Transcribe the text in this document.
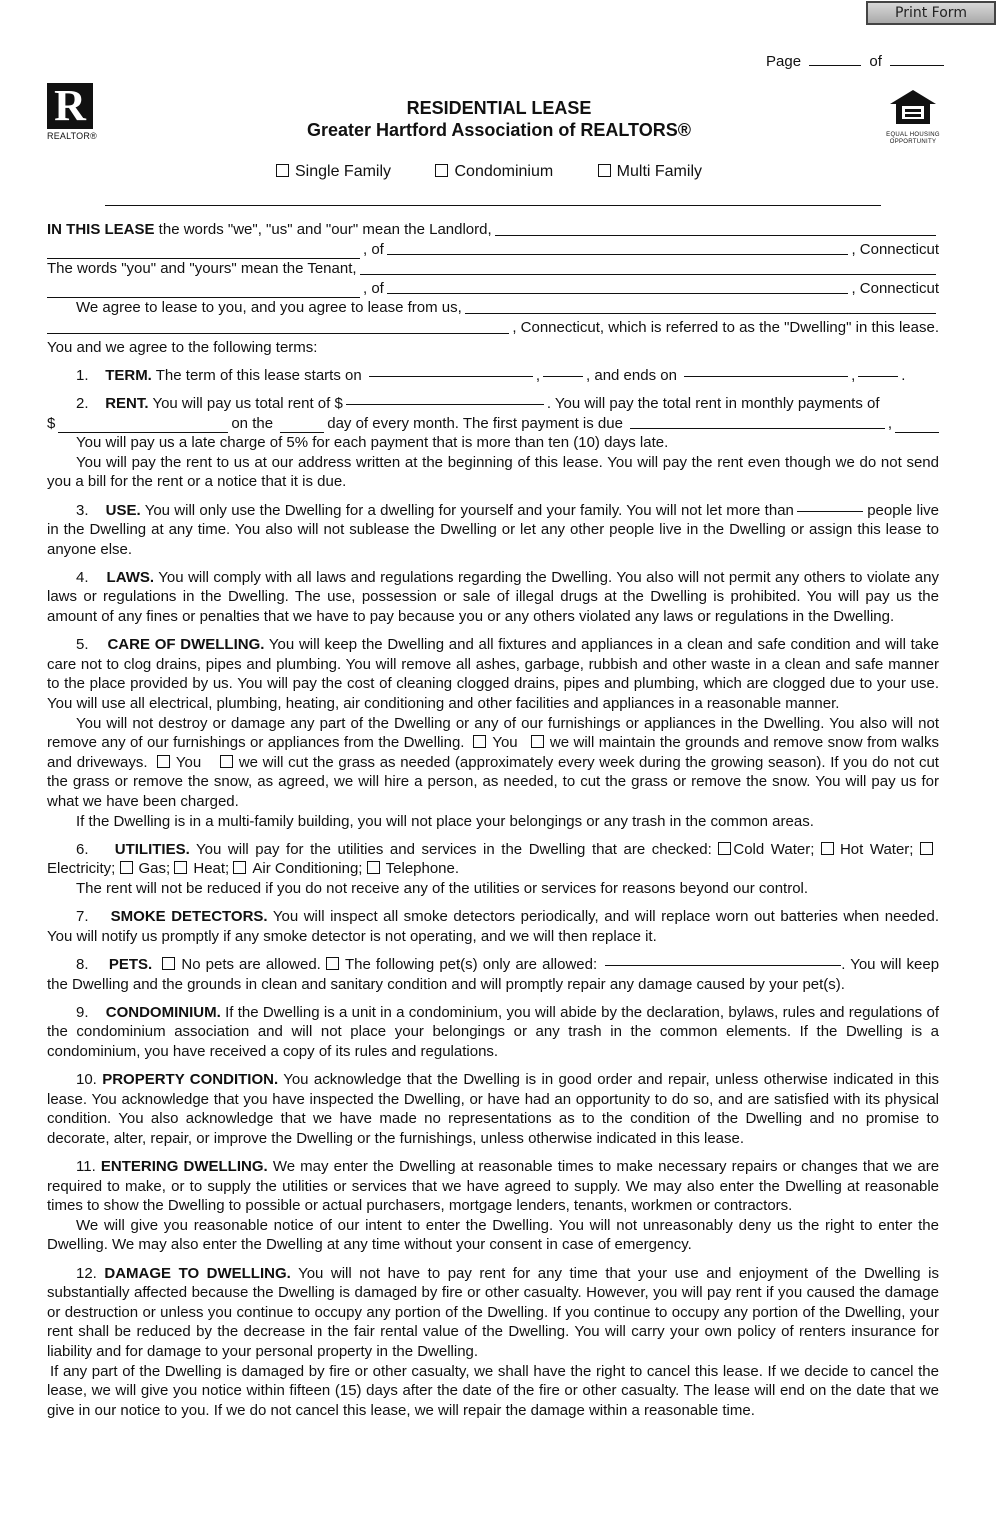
Print Form
Page	of
R
REALTOR®	EQUAL HOUSING OPPORTUNITY
RESIDENTIAL LEASE
Greater Hartford Association of REALTORS®
Single Family	Condominium	Multi Family
IN THIS LEASE the words "we", "us" and "our" mean the Landlord,
, of	, Connecticut
The words "you" and "yours" mean the Tenant,
, of	, Connecticut
We agree to lease to you, and you agree to lease from us,
, Connecticut, which is referred to as the "Dwelling" in this lease.

You and we agree to the following terms:

1. TERM. The term of this lease starts on	,	, and ends on	,	.

2. RENT. You will pay us total rent of $	. You will pay the total rent in monthly payments of

$	on the
	day of every month. The first payment is due
	,

You will pay us a late charge of 5% for each payment that is more than ten (10) days late.

You will pay the rent to us at our address written at the beginning of this lease. You will pay the rent even though we do not send you a bill for the rent or a notice that it is due.

3. USE. You will only use the Dwelling for a dwelling for yourself and your family. You will not let more than	people live in the Dwelling at any time. You also will not sublease the Dwelling or let any other people live in the Dwelling or assign this lease to anyone else.

4. LAWS. You will comply with all laws and regulations regarding the Dwelling. You also will not permit any others to violate any laws or regulations in the Dwelling. The use, possession or sale of illegal drugs at the Dwelling is prohibited. You will pay us the amount of any fines or penalties that we have to pay because you or any others violated any laws or regulations in the Dwelling.

5. CARE OF DWELLING. You will keep the Dwelling and all fixtures and appliances in a clean and safe condition and will take care not to clog drains, pipes and plumbing. You will remove all ashes, garbage, rubbish and other waste in a clean and safe manner to the place provided by us. You will pay the cost of cleaning clogged drains, pipes and plumbing, which are clogged due to your use. You will use all electrical, plumbing, heating, air conditioning and other facilities and appliances in a reasonable manner.

You will not destroy or damage any part of the Dwelling or any of our furnishings or appliances in the Dwelling. You also will not remove any of our furnishings or appliances from the Dwelling. You we will maintain the grounds and remove snow from walks and driveways. You	we will cut the grass as needed (approximately every week during the growing season). If you do not cut the grass or remove the snow, as agreed, we will hire a person, as needed, to cut the grass or remove the snow. You will pay us for what we have been charged.

If the Dwelling is in a multi-family building, you will not place your belongings or any trash in the common areas.

6. UTILITIES. You will pay for the utilities and services in the Dwelling that are checked: Cold Water; Hot Water; Electricity; Gas; Heat; Air Conditioning; Telephone.

The rent will not be reduced if you do not receive any of the utilities or services for reasons beyond our control.

7. SMOKE DETECTORS. You will inspect all smoke detectors periodically, and will replace worn out batteries when needed. You will notify us promptly if any smoke detector is not operating, and we will then replace it.

8. PETS. No pets are allowed. The following pet(s) only are allowed:	. You will keep the Dwelling and the grounds in clean and sanitary condition and will promptly repair any damage caused by your pet(s).

9. CONDOMINIUM. If the Dwelling is a unit in a condominium, you will abide by the declaration, bylaws, rules and regulations of the condominium association and will not place your belongings or any trash in the common elements. If the Dwelling is a condominium, you have received a copy of its rules and regulations.

10. PROPERTY CONDITION. You acknowledge that the Dwelling is in good order and repair, unless otherwise indicated in this lease. You acknowledge that you have inspected the Dwelling, or have had an opportunity to do so, and are satisfied with its physical condition. You also acknowledge that we have made no representations as to the condition of the Dwelling and no promise to decorate, alter, repair, or improve the Dwelling or the furnishings, unless otherwise indicated in this lease.

11. ENTERING DWELLING. We may enter the Dwelling at reasonable times to make necessary repairs or changes that we are required to make, or to supply the utilities or services that we have agreed to supply. We may also enter the Dwelling at reasonable times to show the Dwelling to possible or actual purchasers, mortgage lenders, tenants, workmen or contractors.

We will give you reasonable notice of our intent to enter the Dwelling. You will not unreasonably deny us the right to enter the Dwelling. We may also enter the Dwelling at any time without your consent in case of emergency.

12. DAMAGE TO DWELLING. You will not have to pay rent for any time that your use and enjoyment of the Dwelling is substantially affected because the Dwelling is damaged by fire or other casualty. However, you will pay rent if you caused the damage or destruction or unless you continue to occupy any portion of the Dwelling. If you continue to occupy any portion of the Dwelling, your rent shall be reduced by the decrease in the fair rental value of the Dwelling. You will carry your own policy of renters insurance for liability and for damage to your personal property in the Dwelling.

If any part of the Dwelling is damaged by fire or other casualty, we shall have the right to cancel this lease. If we decide to cancel the lease, we will give you notice within fifteen (15) days after the date of the fire or other casualty. The lease will end on the date that we give in our notice to you. If we do not cancel this lease, we will repair the damage within a reasonable time.
